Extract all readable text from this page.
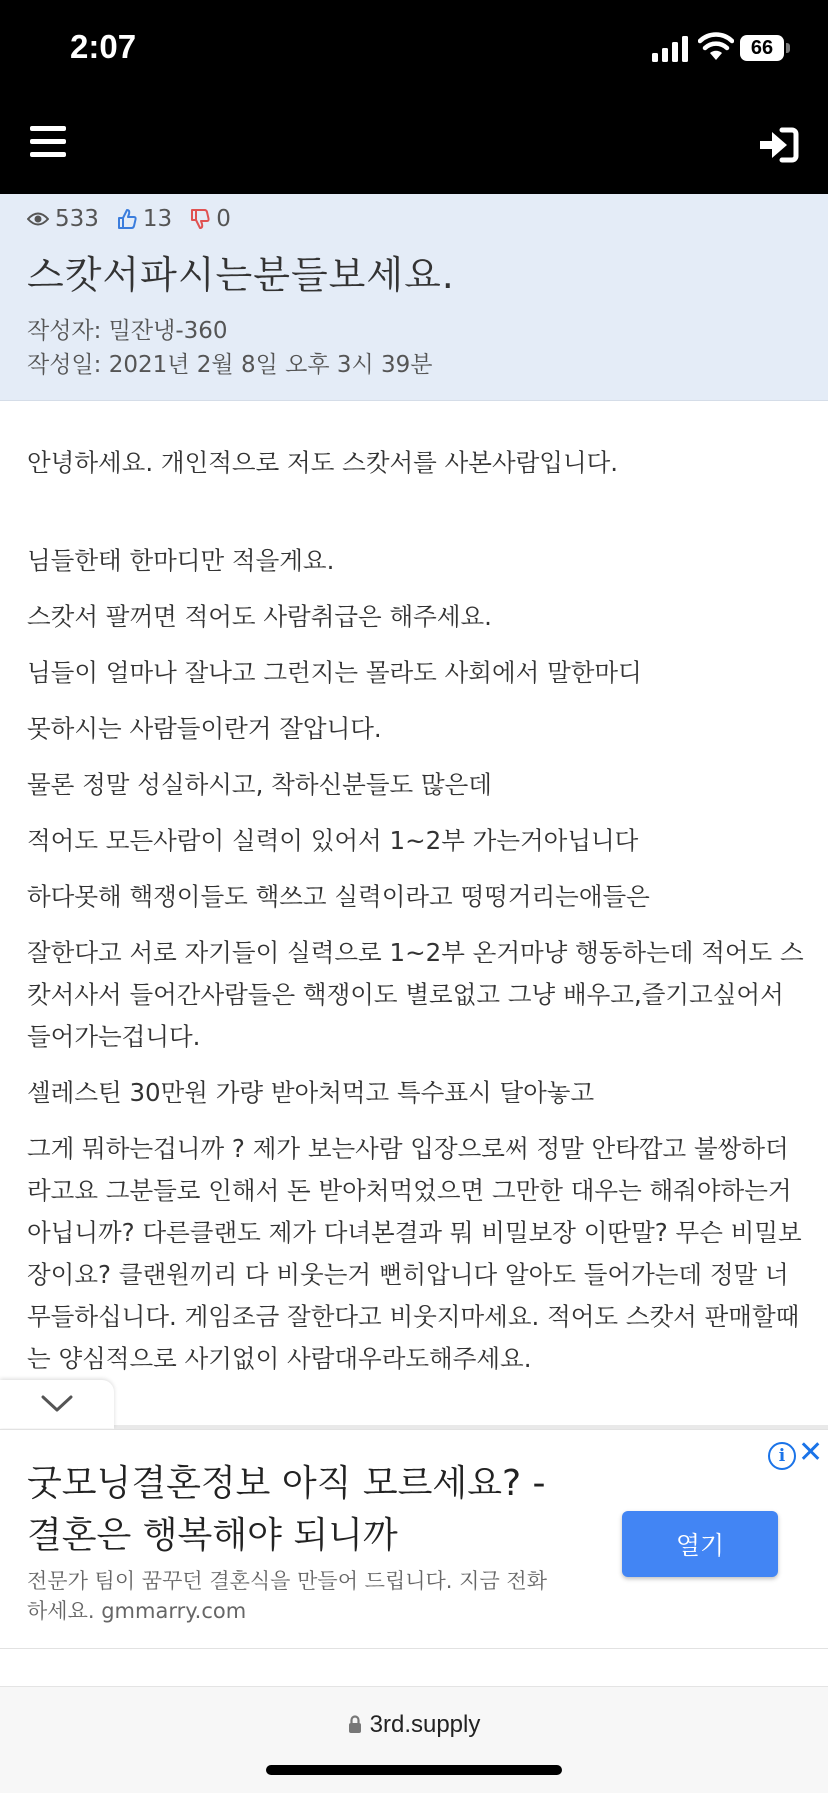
2:07	66
533 13 0
스캇서파시는분들보세요.
작성자: 밀잔냉-360
작성일: 2021년 2월 8일 오후 3시 39분

안녕하세요. 개인적으로 저도 스캇서를 사본사람입니다.

님들한태 한마디만 적을게요.

스캇서 팔꺼면 적어도 사람취급은 해주세요.

님들이 얼마나 잘나고 그런지는 몰라도 사회에서 말한마디

못하시는 사람들이란거 잘압니다.

물론 정말 성실하시고, 착하신분들도 많은데

적어도 모든사람이 실력이 있어서 1~2부 가는거아닙니다

하다못해 핵쟁이들도 핵쓰고 실력이라고 떵떵거리는애들은

잘한다고 서로 자기들이 실력으로 1~2부 온거마냥 행동하는데 적어도 스캇서사서 들어간사람들은 핵쟁이도 별로없고 그냥 배우고,즐기고싶어서 들어가는겁니다.

셀레스틴 30만원 가량 받아처먹고 특수표시 달아놓고

그게 뭐하는겁니까 ? 제가 보는사람 입장으로써 정말 안타깝고 불쌍하더라고요 그분들로 인해서 돈 받아처먹었으면 그만한 대우는 해줘야하는거 아닙니까? 다른클랜도 제가 다녀본결과 뭐 비밀보장 이딴말? 무슨 비밀보장이요? 클랜원끼리 다 비웃는거 뻔히압니다 알아도 들어가는데 정말 너무들하십니다. 게임조금 잘한다고 비웃지마세요. 적어도 스캇서 판매할때는 양심적으로 사기없이 사람대우라도해주세요.

i ✕
굿모닝결혼정보 아직 모르세요? - 결혼은 행복해야 되니까
전문가 팀이 꿈꾸던 결혼식을 만들어 드립니다. 지금 전화하세요. gmmarry.com
열기
3rd.supply
